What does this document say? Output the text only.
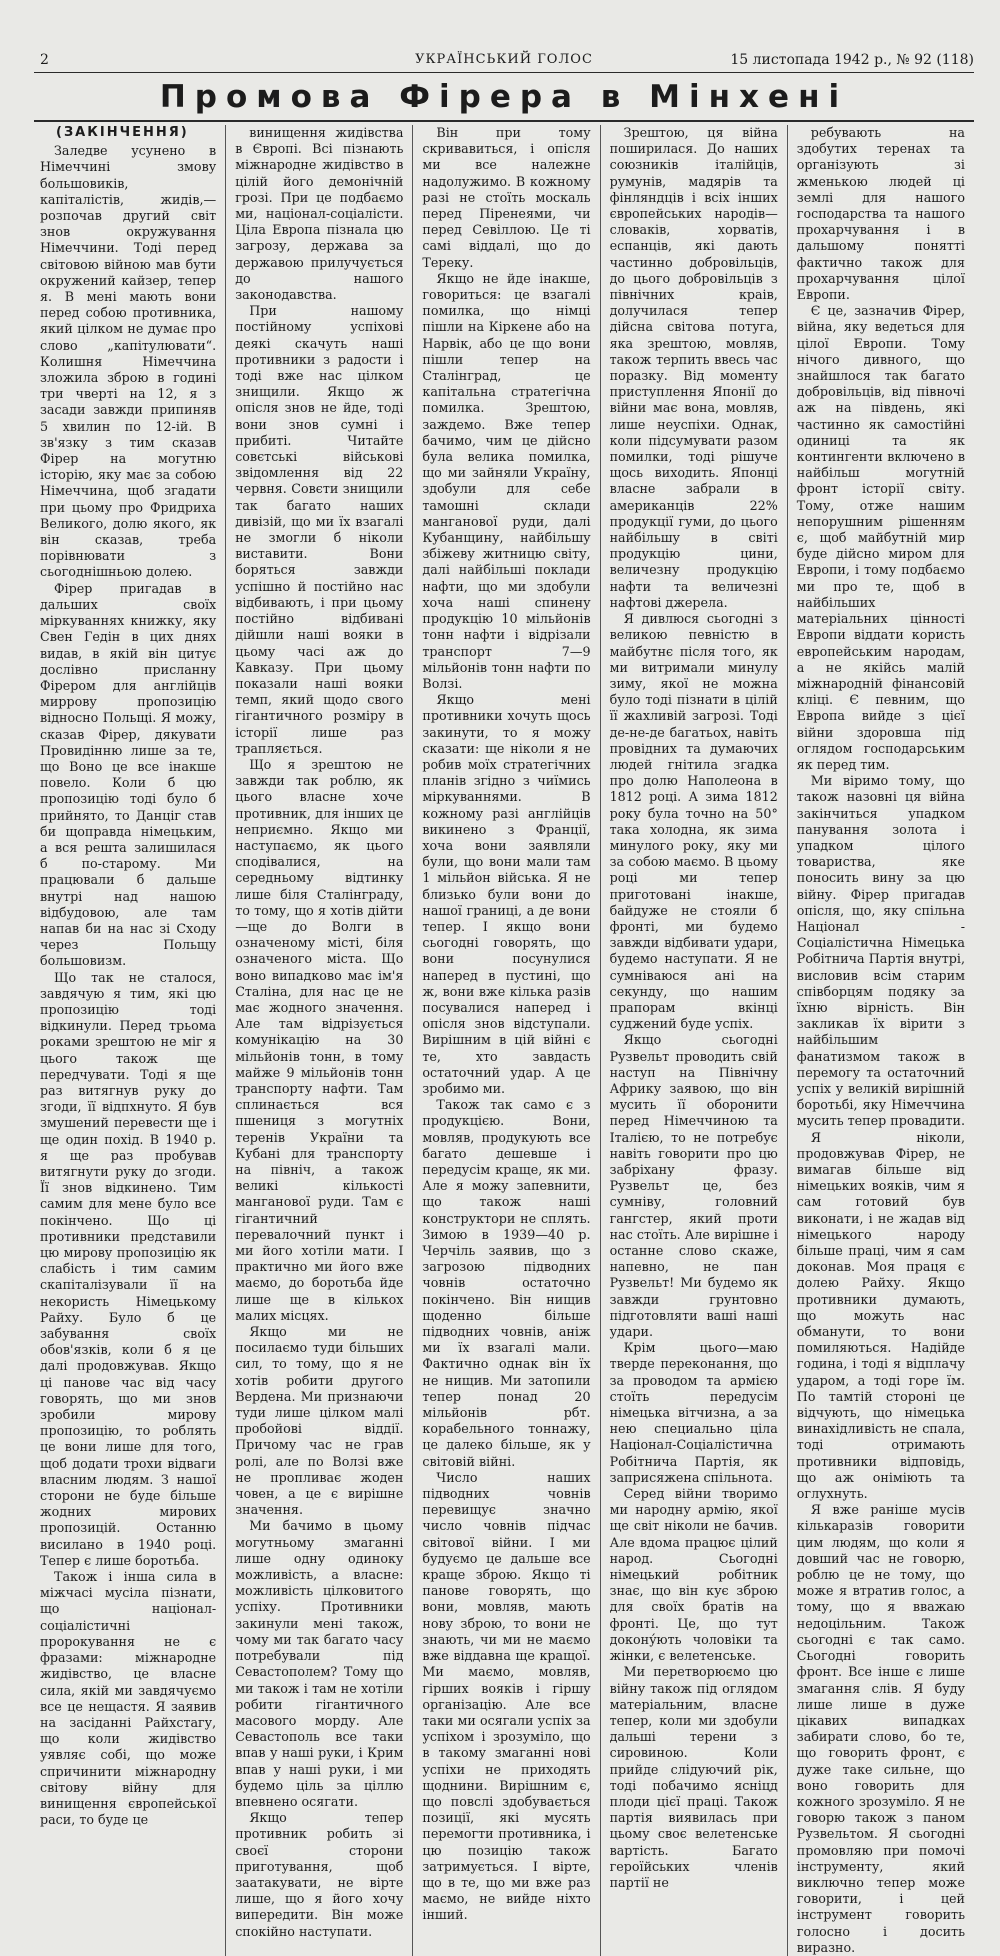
2	УКРАЇНСЬКИЙ ГОЛОС	15 листопада 1942 р., № 92 (118)
Промова Фірера в Мінхені
(ЗАКІНЧЕННЯ)

Заледве усунено в Німеччині змову большовиків, капіталістів, жидів,—розпочав другий світ знов окружування Німеччини. Тоді перед світовою війною мав бути окружений кайзер, тепер я. В мені мають вони перед собою противника, який цілком не думає про слово „капітулювати“. Колишня Німеччина зложила зброю в годині три чверті на 12, я з засади завжди припиняв 5 хвилин по 12-ій. В зв'язку з тим сказав Фірер на могутню історію, яку має за собою Німеччина, щоб згадати при цьому про Фридриха Великого, долю якого, як він сказав, треба порівнювати з сьогоднішньою долею.

Фірер пригадав в дальших своїх міркуваннях книжку, яку Свен Гедін в цих днях видав, в якій він цитує дослівно присланну Фірером для англійців миррову пропозицію відносно Польщі. Я можу, сказав Фірер, дякувати Провидінню лише за те, що Воно це все інакше повело. Коли б цю пропозицію тоді було б прийнято, то Данціг став би щоправда німецьким, а вся решта залишилася б по-старому. Ми працювали б дальше внутрі над нашою відбудовою, але там напав би на нас зі Сходу через Польщу большовизм.

Що так не сталося, завдячую я тим, які цю пропозицію тоді відкинули. Перед трьома роками зрештою не міг я цього також ще передчувати. Тоді я ще раз витягнув руку до згоди, її відпхнуто. Я був змушений перевести ще і ще один похід. В 1940 р. я ще раз пробував витягнути руку до згоди. Її знов відкинено. Тим самим для мене було все покінчено. Що ці противники представили цю мирову пропозицію як слабість і тим самим скапіталізували її на некористь Німецькому Райху. Було б це забування своїх обов'язків, коли б я це далі продовжував. Якщо ці панове час від часу говорять, що ми знов зробили мирову пропозицію, то роблять це вони лише для того, щоб додати трохи відваги власним людям. З нашої сторони не буде більше жодних мирових пропозицій. Останню висилано в 1940 році. Тепер є лише боротьба.

Також і інша сила в міжчасі мусіла пізнати, що націонал-соціалістичні пророкування не є фразами: міжнародне жидівство, це власне сила, якій ми завдячуємо все це нещастя. Я заявив на засіданні Райхстагу, що коли жидівство уявляє собі, що може спричинити міжнародну світову війну для винищення європейської раси, то буде це

винищення жидівства в Європі. Всі пізнають міжнародне жидівство в цілій його демонічній грозі. При це подбаємо ми, націонал-соціалісти. Ціла Европа пізнала цю загрозу, держава за державою прилучується до нашого законодавства.

При нашому постійному успіхові деякі скачуть наші противники з радости і тоді вже нас цілком знищили. Якщо ж опісля знов не йде, тоді вони знов сумні і прибиті. Читайте совєтські військові звідомлення від 22 червня. Совєти знищили так багато наших дивізій, що ми їх взагалі не змогли б ніколи виставити. Вони боряться завжди успішно й постійно нас відбивають, і при цьому постійно відбивані дійшли наші вояки в цьому часі аж до Кавказу. При цьому показали наші вояки темп, який щодо свого гігантичного розміру в історії лише раз трапляється.

Що я зрештою не завжди так роблю, як цього власне хоче противник, для інших це неприємно. Якщо ми наступаємо, як цього сподівалися, на середньому відтинку лише біля Сталінграду, то тому, що я хотів дійти—ще до Волги в означеному місті, біля означеного міста. Що воно випадково має ім'я Сталіна, для нас це не має жодного значення. Але там відрізується комунікацію на 30 мільйонів тонн, в тому майже 9 мільйонів тонн транспорту нафти. Там сплинається вся пшениця з могутніх теренів України та Кубані для транспорту на північ, а також великі кількості манганової руди. Там є гігантичний перевалочний пункт і ми його хотіли мати. І практично ми його вже маємо, до боротьба йде лише ще в кількох малих місцях.

Якщо ми не посилаємо туди більших сил, то тому, що я не хотів робити другого Вердена. Ми признаючи туди лише цілком малі пробойові віддії. Причому час не грав ролі, але по Волзі вже не пропливає жоден човен, а це є вирішне значення.

Ми бачимо в цьому могутньому змаганні лише одну одиноку можливість, а власне: можливість цілковитого успіху. Противники закинули мені також, чому ми так багато часу потребували під Севастополем? Тому що ми також і там не хотіли робити гігантичного масового морду. Але Севастополь все таки впав у наші руки, і Крим впав у наші руки, і ми будемо ціль за ціллю впевнено осягати.

Якщо тепер противник робить зі своєї сторони приготування, щоб заатакувати, не вірте лише, що я його хочу випередити. Він може спокійно наступати.

Він при тому скривавиться, і опісля ми все належне надолужимо. В кожному разі не стоїть москаль перед Піренеями, чи перед Севіллою. Це ті самі віддалі, що до Тереку.

Якщо не йде інакше, говориться: це взагалі помилка, що німці пішли на Кіркене або на Нарвік, або це що вони пішли тепер на Сталінград, це капітальна стратегічна помилка. Зрештою, заждемо. Вже тепер бачимо, чим це дійсно була велика помилка, що ми зайняли Україну, здобули для себе тамошні склади манганової руди, далі Кубанщину, найбільшу збіжеву житницю світу, далі найбільші поклади нафти, що ми здобули хоча наші спинену продукцію 10 мільйонів тонн нафти і відрізали транспорт 7—9 мільйонів тонн нафти по Волзі.

Якщо мені противники хочуть щось закинути, то я можу сказати: ще ніколи я не робив моїх стратегічних планів згідно з чиїмись міркуваннями. В кожному разі англійців викинено з Франції, хоча вони заявляли були, що вони мали там 1 мільйон війська. Я не близько були вони до нашої границі, а де вони тепер. І якщо вони сьогодні говорять, що вони посунулися наперед в пустині, що ж, вони вже кілька разів посувалися наперед і опісля знов відступали. Вирішним в цій війні є те, хто завдасть остаточний удар. А це зробимо ми.

Також так само є з продукцією. Вони, мовляв, продукують все багато дешевше і передусім краще, як ми. Але я можу запевнити, що також наші конструктори не сплять. Зимою в 1939—40 р. Черчіль заявив, що з загрозою підводних човнів остаточно покінчено. Він нищив щоденно більше підводних човнів, аніж ми їх взагалі мали. Фактично однак він їх не нищив. Ми затопили тепер понад 20 мільйонів рбт. корабельного тоннажу, це далеко більше, як у світовій війні.

Число наших підводних човнів перевищує значно число човнів підчас світової війни. І ми будуємо це дальше все краще зброю. Якщо ті панове говорять, що вони, мовляв, мають нову зброю, то вони не знають, чи ми не маємо вже віддавна ще кращої. Ми маємо, мовляв, гірших вояків і гіршу організацію. Але все таки ми осягали успіх за успіхом і зрозуміло, що в такому змаганні нові успіхи не приходять щоднини. Вирішним є, що повслі здобувається позиції, які мусять перемогти противника, і цю позицію також затримується. І вірте, що в те, що ми вже раз маємо, не вийде ніхто інший.

Зрештою, ця війна поширилася. До наших союзників італійців, румунів, мадярів та фінляндців і всіх інших європейських народів—словаків, хорватів, еспанців, які дають частинно добровільців, до цього добровільців з північних краів, долучилася тепер дійсна світова потуга, яка зрештою, мовляв, також терпить ввесь час поразку. Від моменту приступлення Японії до війни має вона, мовляв, лише неуспіхи. Однак, коли підсумувати разом помилки, тоді рішуче щось виходить. Японці власне забрали в американців 22% продукції гуми, до цього найбільшу в світі продукцію цини, величезну продукцію нафти та величезні нафтові джерела.

Я дивлюся сьогодні з великою певністю в майбутнє після того, як ми витримали минулу зиму, якої не можна було тоді пізнати в цілій її жахливій загрозі. Тоді де-не-де багатьох, навіть провідних та думаючих людей гнітила згадка про долю Наполеона в 1812 році. А зима 1812 року була точно на 50° така холодна, як зима минулого року, яку ми за собою маємо. В цьому році ми тепер приготовані інакше, байдуже не стояли б фронті, ми будемо завжди відбивати удари, будемо наступати. Я не сумніваюся ані на секунду, що нашим прапорам вкінці суджений буде успіх.

Якщо сьогодні Рузвельт проводить свій наступ на Північну Африку заявою, що він мусить її оборонити перед Німеччиною та Італією, то не потребує навіть говорити про цю забріхану фразу. Рузвельт це, без сумніву, головний гангстер, який проти нас стоїть. Але вирішне і останне слово скаже, напевно, не пан Рузвельт! Ми будемо як завжди грунтовно підготовляти ваші наші удари.

Крім цього—маю тверде переконання, що за проводом та армією стоїть передусім німецька вітчизна, а за нею специально ціла Націонал-Соціалістична Робітнича Партія, як заприсяжена спільнота.

Серед війни творимо ми народну армію, якої ще світ ніколи не бачив. Але вдома працює цілий народ. Сьогодні німецький робітник знає, що він кує зброю для своїх братів на фронті. Це, що тут докону́ють чоловіки та жінки, є велетенське.

Ми перетворюємо цю війну також під оглядом матеріальним, власне тепер, коли ми здобули дальші терени з сировиною. Коли прийде слідуючий рік, тоді побачимо ясніцд плоди цієї праці. Також партія виявилась при цьому своє велетенське вартість. Багато героїйських членів партії не

ребувають на здобутих теренах та організують зі жменькою людей ці землі для нашого господарства та нашого прохарчування і в дальшому понятті фактично також для прохарчування цілої Европи.

Є це, зазначив Фірер, війна, яку ведеться для цілої Европи. Тому нічого дивного, що знайшлося так багато добровільців, від півночі аж на південь, які частинно як самостійні одиниці та як контингенти включено в найбільш могутній фронт історії світу. Тому, отже нашим непорушним рішенням є, щоб майбутній мир буде дійсно миром для Европи, і тому подбаємо ми про те, щоб в найбільших матеріальних цінності Европи віддати користь европейським народам, а не якійсь малій міжнародній фінансовій кліці. Є певним, що Европа вийде з цієї війни здоровша під оглядом господарським як перед тим.

Ми віримо тому, що також назовні ця війна закінчиться упадком панування золота і упадком цілого товариства, яке поносить вину за цю війну. Фірер пригадав опісля, що, яку спільна Націонал - Соціалістична Німецька Робітнича Партія внутрі, висловив всім старим співборцям подяку за їхню вірність. Він закликав їх вірити з найбільшим фанатизмом також в перемогу та остаточний успіх у великій вирішній боротьбі, яку Німеччина мусить тепер провадити.

Я ніколи, продовжував Фірер, не вимагав більше від німецьких вояків, чим я сам готовий був виконати, і не жадав від німецького народу більше праці, чим я сам доконав. Моя праця є долею Райху. Якщо противники думають, що можуть нас обманути, то вони помиляються. Надійде година, і тоді я відплачу ударом, а тоді горе їм. По тамтій стороні це відчують, що німецька винахідливість не спала, тоді отримають противники відповідь, що аж оніміють та оглухнуть.

Я вже раніше мусів кількаразів говорити цим людям, що коли я довший час не говорю, роблю це не тому, що може я втратив голос, а тому, що я вважаю недоцільним. Також сьогодні є так само. Сьогодні говорить фронт. Все інше є лише змагання слів. Я буду лише лише в дуже цікавих випадках забирати слово, бо те, що говорить фронт, є дуже таке сильне, що воно говорить для кожного зрозуміло. Я не говорю також з паном Рузвельтом. Я сьогодні промовляю при помочі інструменту, який виключно тепер може говорити, і цей інструмент говорить голосно і досить виразно.
